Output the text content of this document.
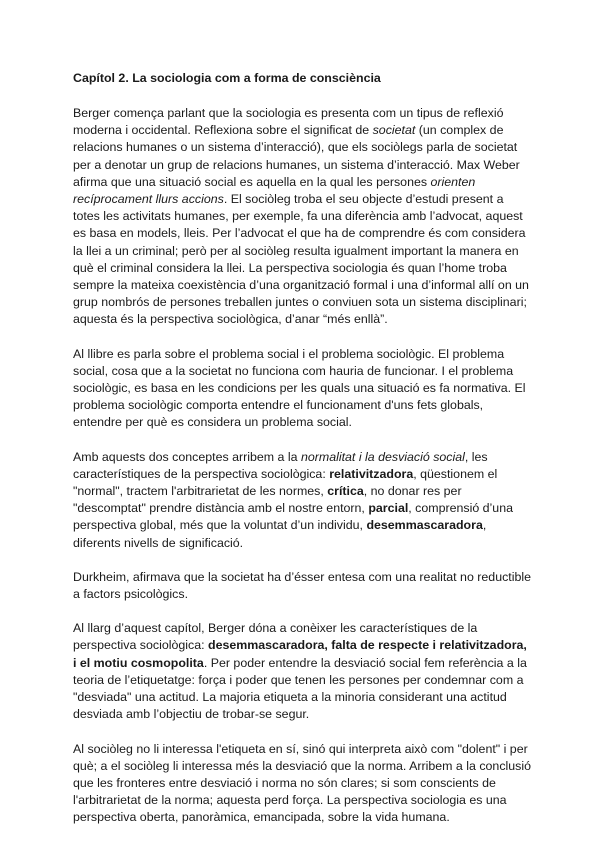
Capítol 2. La sociologia com a forma de consciència

Berger comença parlant que la sociologia es presenta com un tipus de reflexió moderna i occidental. Reflexiona sobre el significat de societat (un complex de relacions humanes o un sistema d’interacció), que els sociòlegs parla de societat per a denotar un grup de relacions humanes, un sistema d’interacció. Max Weber afirma que una situació social es aquella en la qual les persones orienten recíprocament llurs accions. El sociòleg troba el seu objecte d’estudi present a totes les activitats humanes, per exemple, fa una diferència amb l’advocat, aquest es basa en models, lleis. Per l’advocat el que ha de comprendre és com considera la llei a un criminal; però per al sociòleg resulta igualment important la manera en què el criminal considera la llei. La perspectiva sociologia és quan l’home troba sempre la mateixa coexistència d’una organització formal i una d’informal allí on un grup nombrós de persones treballen juntes o conviuen sota un sistema disciplinari; aquesta és la perspectiva sociològica, d’anar “més enllà”.

Al llibre es parla sobre el problema social i el problema sociològic. El problema social, cosa que a la societat no funciona com hauria de funcionar. I el problema sociològic, es basa en les condicions per les quals una situació es fa normativa. El problema sociològic comporta entendre el funcionament d'uns fets globals, entendre per què es considera un problema social.

Amb aquests dos conceptes arribem a la normalitat i la desviació social, les característiques de la perspectiva sociològica: relativitzadora, qüestionem el "normal", tractem l'arbitrarietat de les normes, crítica, no donar res per "descomptat" prendre distància amb el nostre entorn, parcial, comprensió d’una perspectiva global, més que la voluntat d’un individu, desemmascaradora, diferents nivells de significació.

Durkheim, afirmava que la societat ha d’ésser entesa com una realitat no reductible a factors psicològics.

Al llarg d’aquest capítol, Berger dóna a conèixer les característiques de la perspectiva sociològica: desemmascaradora, falta de respecte i relativitzadora, i el motiu cosmopolita. Per poder entendre la desviació social fem referència a la teoria de l’etiquetatge: força i poder que tenen les persones per condemnar com a "desviada" una actitud. La majoria etiqueta a la minoria considerant una actitud desviada amb l’objectiu de trobar-se segur.

Al sociòleg no li interessa l'etiqueta en sí, sinó qui interpreta això com "dolent" i per què; a el sociòleg li interessa més la desviació que la norma. Arribem a la conclusió que les fronteres entre desviació i norma no són clares; si som conscients de l'arbitrarietat de la norma; aquesta perd força. La perspectiva sociologia es una perspectiva oberta, panoràmica, emancipada, sobre la vida humana.
